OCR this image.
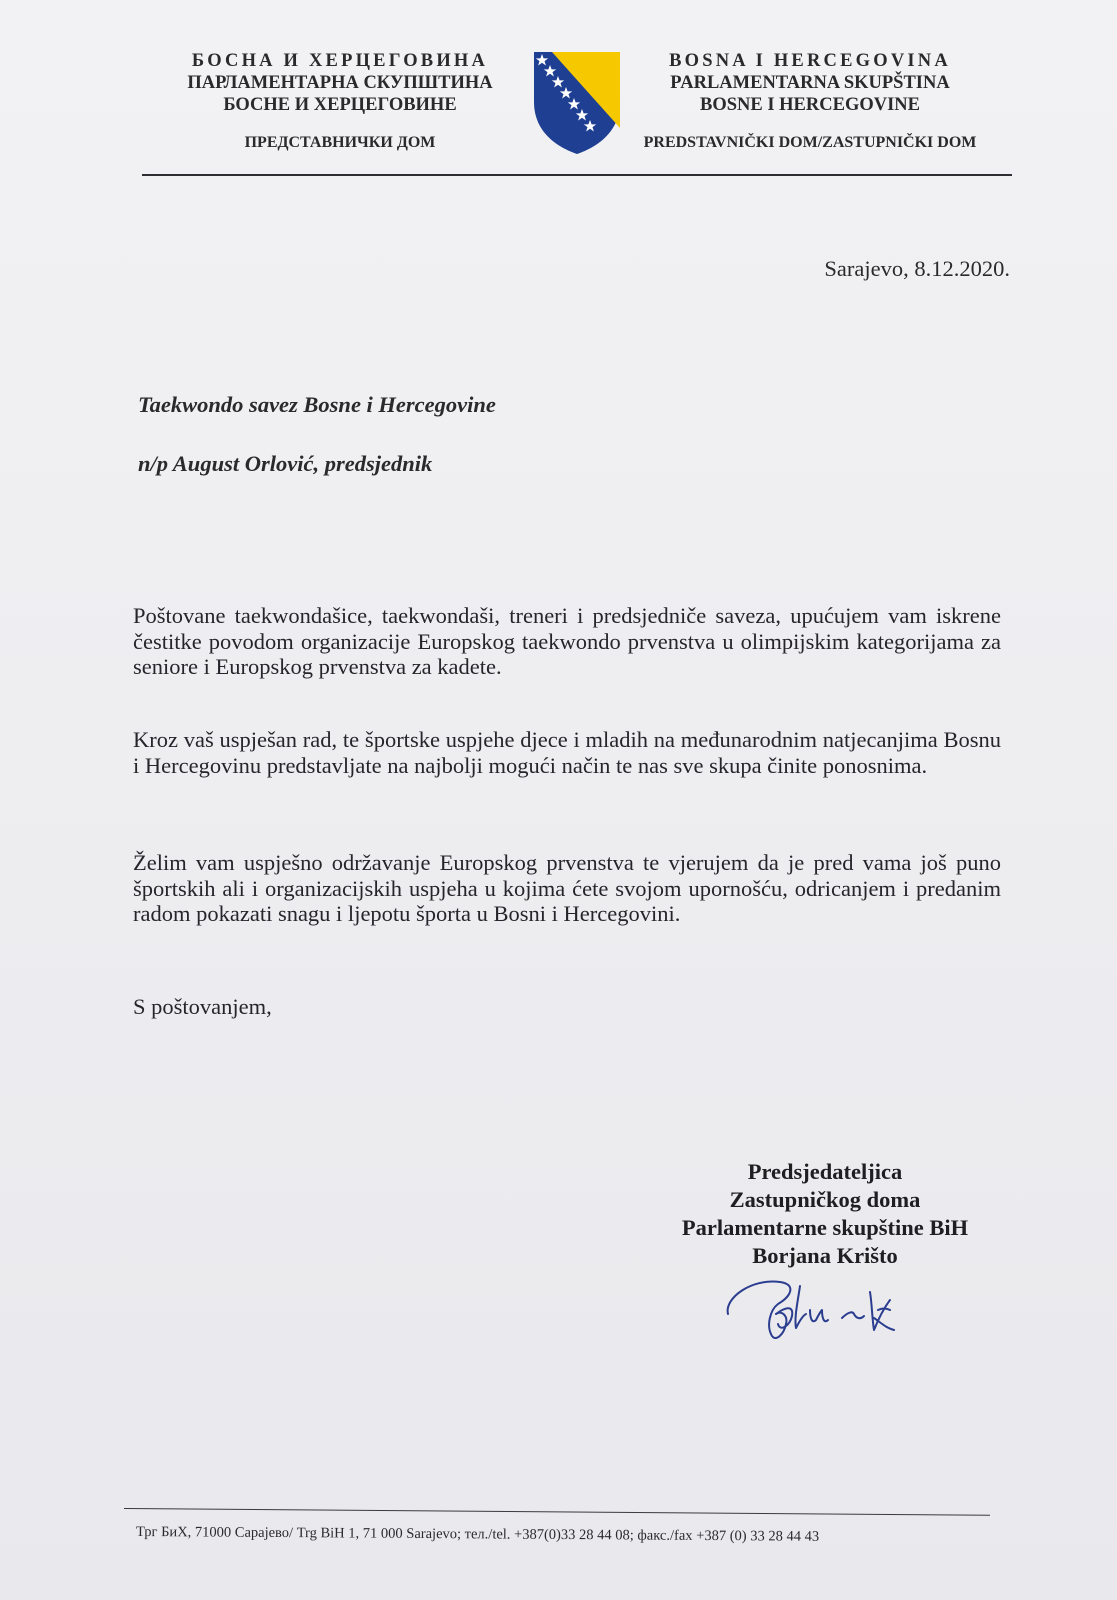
БОСНА И ХЕРЦЕГОВИНА
ПАРЛАМЕНТАРНА СКУПШТИНА
БОСНЕ И ХЕРЦЕГОВИНЕ
ПРЕДСТАВНИЧКИ ДОМ
BOSNA I HERCEGOVINA
PARLAMENTARNA SKUPŠTINA
BOSNE I HERCEGOVINE
PREDSTAVNIČKI DOM/ZASTUPNIČKI DOM
Sarajevo, 8.12.2020.
Taekwondo savez Bosne i Hercegovine
n/p August Orlović, predsjednik

Poštovane taekwondašice, taekwondaši, treneri i predsjedniče saveza, upućujem vam iskrene čestitke povodom organizacije Europskog taekwondo prvenstva u olimpijskim kategorijama za seniore i Europskog prvenstva za kadete.

Kroz vaš uspješan rad, te športske uspjehe djece i mladih na međunarodnim natjecanjima Bosnu i Hercegovinu predstavljate na najbolji mogući način te nas sve skupa činite ponosnima.

Želim vam uspješno održavanje Europskog prvenstva te vjerujem da je pred vama još puno športskih ali i organizacijskih uspjeha u kojima ćete svojom upornošću, odricanjem i predanim radom pokazati snagu i ljepotu športa u Bosni i Hercegovini.

S poštovanjem,
Predsjedateljica
Zastupničkog doma
Parlamentarne skupštine BiH
Borjana Krišto
Трг БиХ, 71000 Сарајево/ Trg BiH 1, 71 000 Sarajevo; тел./tel. +387(0)33 28 44 08; факс./fax +387 (0) 33 28 44 43
